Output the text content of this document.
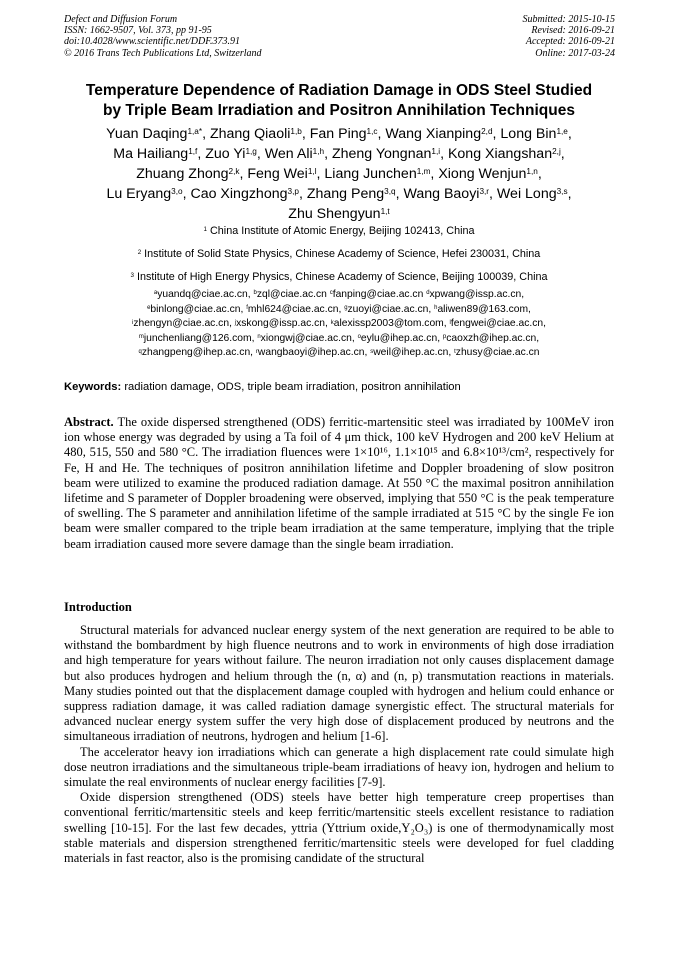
Defect and Diffusion Forum
ISSN: 1662-9507, Vol. 373, pp 91-95
doi:10.4028/www.scientific.net/DDF.373.91
© 2016 Trans Tech Publications Ltd, Switzerland
Submitted: 2015-10-15
Revised: 2016-09-21
Accepted: 2016-09-21
Online: 2017-03-24
Temperature Dependence of Radiation Damage in ODS Steel Studied
by Triple Beam Irradiation and Positron Annihilation Techniques
Yuan Daqing$^{1,a*}$, Zhang Qiaoli$^{1,b}$, Fan Ping$^{1,c}$, Wang Xianping$^{2,d}$, Long Bin$^{1,e}$,
Ma Hailiang$^{1,f}$, Zuo Yi$^{1,g}$, Wen Ali$^{1,h}$, Zheng Yongnan$^{1,i}$, Kong Xiangshan$^{2,j}$,
Zhuang Zhong$^{2,k}$, Feng Wei$^{1,l}$, Liang Junchen$^{1,m}$, Xiong Wenjun$^{1,n}$,
Lu Eryang$^{3,o}$, Cao Xingzhong$^{3,p}$, Zhang Peng$^{3,q}$, Wang Baoyi$^{3,r}$, Wei Long$^{3,s}$,
Zhu Shengyun$^{1,t}$
$^1$ China Institute of Atomic Energy, Beijing 102413, China
$^2$ Institute of Solid State Physics, Chinese Academy of Science, Hefei 230031, China
$^3$ Institute of High Energy Physics, Chinese Academy of Science, Beijing 100039, China
$^a$yuandq@ciae.ac.cn, $^b$zql@ciae.ac.cn $^c$fanping@ciae.ac.cn $^d$xpwang@issp.ac.cn,
$^e$binlong@ciae.ac.cn, $^f$mhl624@ciae.ac.cn, $^g$zuoyi@ciae.ac.cn, $^h$aliwen89@163.com,
$^i$zhengyn@ciae.ac.cn, $^j$xskong@issp.ac.cn, $^k$alexissp2003@tom.com, $^l$fengwei@ciae.ac.cn,
$^m$junchenliang@126.com, $^n$xiongwj@ciae.ac.cn, $^o$eylu@ihep.ac.cn, $^p$caoxzh@ihep.ac.cn,
$^q$zhangpeng@ihep.ac.cn, $^r$wangbaoyi@ihep.ac.cn, $^s$weil@ihep.ac.cn, $^t$zhusy@ciae.ac.cn
Keywords: radiation damage, ODS, triple beam irradiation, positron annihilation

Abstract. The oxide dispersed strengthened (ODS) ferritic-martensitic steel was irradiated by 100MeV iron ion whose energy was degraded by using a Ta foil of 4 μm thick, 100 keV Hydrogen and 200 keV Helium at 480, 515, 550 and 580 °C. The irradiation fluences were 1×10¹⁶, 1.1×10¹⁵ and 6.8×10¹³/cm², respectively for Fe, H and He. The techniques of positron annihilation lifetime and Doppler broadening of slow positron beam were utilized to examine the produced radiation damage. At 550 °C the maximal positron annihilation lifetime and S parameter of Doppler broadening were observed, implying that 550 °C is the peak temperature of swelling. The S parameter and annihilation lifetime of the sample irradiated at 515 °C by the single Fe ion beam were smaller compared to the triple beam irradiation at the same temperature, implying that the triple beam irradiation caused more severe damage than the single beam irradiation.

Introduction

Structural materials for advanced nuclear energy system of the next generation are required to be able to withstand the bombardment by high fluence neutrons and to work in environments of high dose irradiation and high temperature for years without failure. The neuron irradiation not only causes displacement damage but also produces hydrogen and helium through the (n, α) and (n, p) transmutation reactions in materials. Many studies pointed out that the displacement damage coupled with hydrogen and helium could enhance or suppress radiation damage, it was called radiation damage synergistic effect. The structural materials for advanced nuclear energy system suffer the very high dose of displacement produced by neutrons and the simultaneous irradiation of neutrons, hydrogen and helium [1-6].

The accelerator heavy ion irradiations which can generate a high displacement rate could simulate high dose neutron irradiations and the simultaneous triple-beam irradiations of heavy ion, hydrogen and helium to simulate the real environments of nuclear energy facilities [7-9].

Oxide dispersion strengthened (ODS) steels have better high temperature creep propertises than conventional ferritic/martensitic steels and keep ferritic/martensitic steels excellent resistance to radiation swelling [10-15]. For the last few decades, yttria (Yttrium oxide,Y₂O₃) is one of thermodynamically most stable materials and dispersion strengthened ferritic/martensitic steels were developed for fuel cladding materials in fast reactor, also is the promising candidate of the structural
